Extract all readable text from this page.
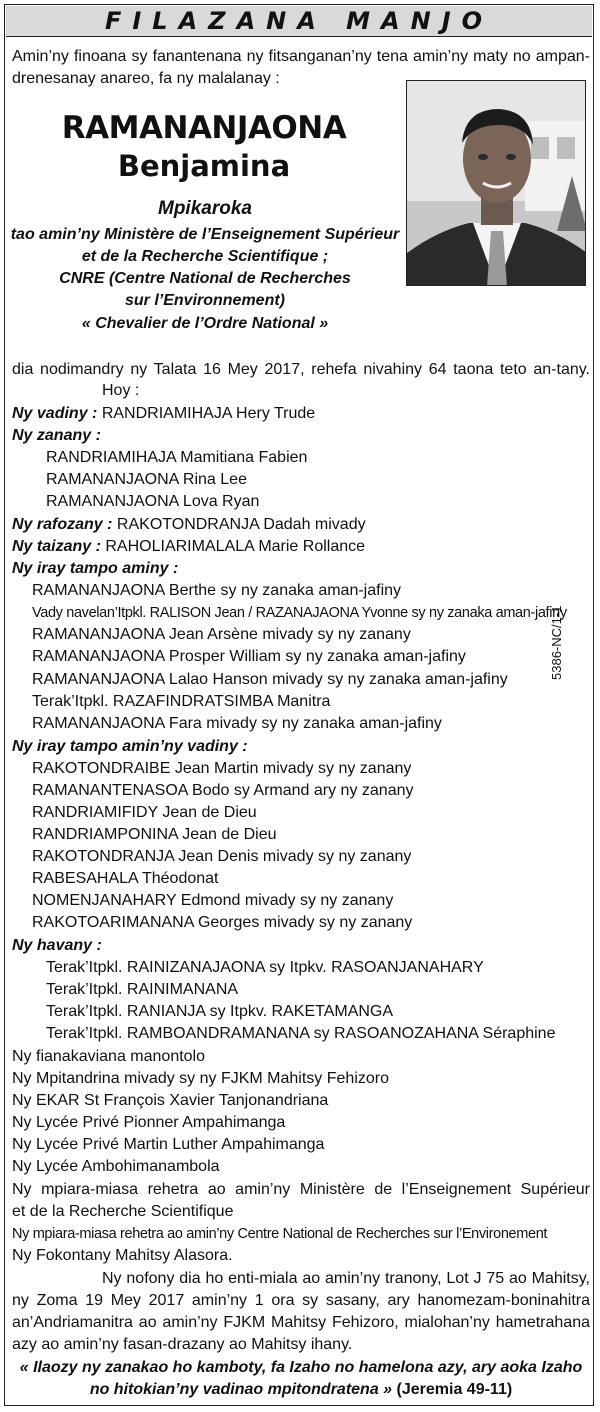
FILAZANA MANJO
Amin’ny finoana sy fanantenana ny fitsanganan’ny tena amin’ny maty no ampan-
drenesanay anareo, fa ny malalanay :
RAMANANJAONA
Benjamina
Mpikaroka
tao amin’ny Ministère de l’Enseignement Supérieur
et de la Recherche Scientifique ;
CNRE (Centre National de Recherches
sur l’Environnement)
« Chevalier de l’Ordre National »
dia nodimandry ny Talata 16 Mey 2017, rehefa nivahiny 64 taona teto an-tany.
Hoy :
Ny vadiny : RANDRIAMIHAJA Hery Trude
Ny zanany :
RANDRIAMIHAJA Mamitiana Fabien
RAMANANJAONA Rina Lee
RAMANANJAONA Lova Ryan
Ny rafozany : RAKOTONDRANJA Dadah mivady
Ny taizany : RAHOLIARIMALALA Marie Rollance
Ny iray tampo aminy :
RAMANANJAONA Berthe sy ny zanaka aman-jafiny
Vady navelan’Itpkl. RALISON Jean / RAZANAJAONA Yvonne sy ny zanaka aman-jafiny
RAMANANJAONA Jean Arsène mivady sy ny zanany
RAMANANJAONA Prosper William sy ny zanaka aman-jafiny
RAMANANJAONA Lalao Hanson mivady sy ny zanaka aman-jafiny
Terak’Itpkl. RAZAFINDRATSIMBA Manitra
RAMANANJAONA Fara mivady sy ny zanaka aman-jafiny
Ny iray tampo amin’ny vadiny :
RAKOTONDRAIBE Jean Martin mivady sy ny zanany
RAMANANTENASOA Bodo sy Armand ary ny zanany
RANDRIAMIFIDY Jean de Dieu
RANDRIAMPONINA Jean de Dieu
RAKOTONDRANJA Jean Denis mivady sy ny zanany
RABESAHALA Théodonat
NOMENJANAHARY Edmond mivady sy ny zanany
RAKOTOARIMANANA Georges mivady sy ny zanany
Ny havany :
Terak’Itpkl. RAINIZANAJAONA sy Itpkv. RASOANJANAHARY
Terak’Itpkl. RAINIMANANA
Terak’Itpkl. RANIANJA sy Itpkv. RAKETAMANGA
Terak’Itpkl. RAMBOANDRAMANANA sy RASOANOZAHANA Séraphine
Ny fianakaviana manontolo
Ny Mpitandrina mivady sy ny FJKM Mahitsy Fehizoro
Ny EKAR St François Xavier Tanjonandriana
Ny Lycée Privé Pionner Ampahimanga
Ny Lycée Privé Martin Luther Ampahimanga
Ny Lycée Ambohimanambola
Ny mpiara-miasa rehetra ao amin’ny Ministère de l’Enseignement Supérieur
et de la Recherche Scientifique
Ny mpiara-miasa rehetra ao amin’ny Centre National de Recherches sur l’Environement
Ny Fokontany Mahitsy Alasora.
Ny nofony dia ho enti-miala ao amin’ny tranony, Lot J 75 ao Mahitsy,
ny Zoma 19 Mey 2017 amin’ny 1 ora sy sasany, ary hanomezam-boninahitra
an’Andriamanitra ao amin’ny FJKM Mahitsy Fehizoro, mialohan’ny hametrahana
azy ao amin’ny fasan-drazany ao Mahitsy ihany.
« Ilaozy ny zanakao ho kamboty, fa Izaho no hamelona azy, ary aoka Izaho
no hitokian’ny vadinao mpitondratena » (Jeremia 49-11)
5386-NC/1-1
